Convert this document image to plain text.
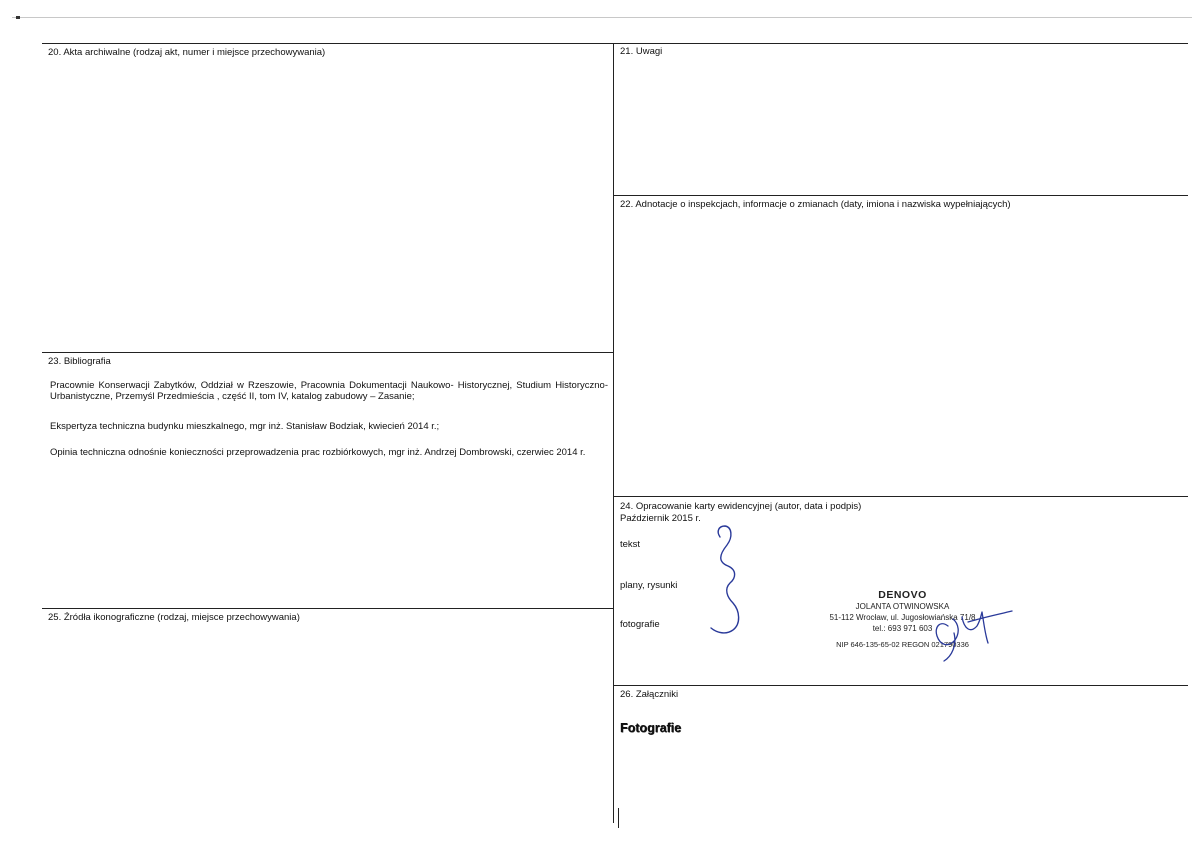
20. Akta archiwalne (rodzaj akt, numer i miejsce przechowywania)	21. Uwagi
22. Adnotacje o inspekcjach, informacje o zmianach (daty, imiona i nazwiska wypełniających)
23. Bibliografia
Pracownie Konserwacji Zabytków, Oddział w Rzeszowie, Pracownia Dokumentacji Naukowo- Historycznej, Studium Historyczno-Urbanistyczne, Przemyśl Przedmieścia , część II, tom IV, katalog zabudowy – Zasanie;
Ekspertyza techniczna budynku mieszkalnego, mgr inż. Stanisław Bodziak, kwiecień 2014 r.;
Opinia techniczna odnośnie konieczności przeprowadzenia prac rozbiórkowych, mgr inż. Andrzej Dombrowski, czerwiec 2014 r.
24. Opracowanie karty ewidencyjnej (autor, data i podpis)
Październik 2015 r.
tekst
plany, rysunki
fotografie
DENOVO
JOLANTA OTWINOWSKA
51-112 Wrocław, ul. Jugosłowiańska 71/8
tel.: 693 971 603
NIP 646-135-65-02 REGON 021790336
25. Źródła ikonograficzne (rodzaj, miejsce przechowywania)
26. Załączniki
Fotografie
